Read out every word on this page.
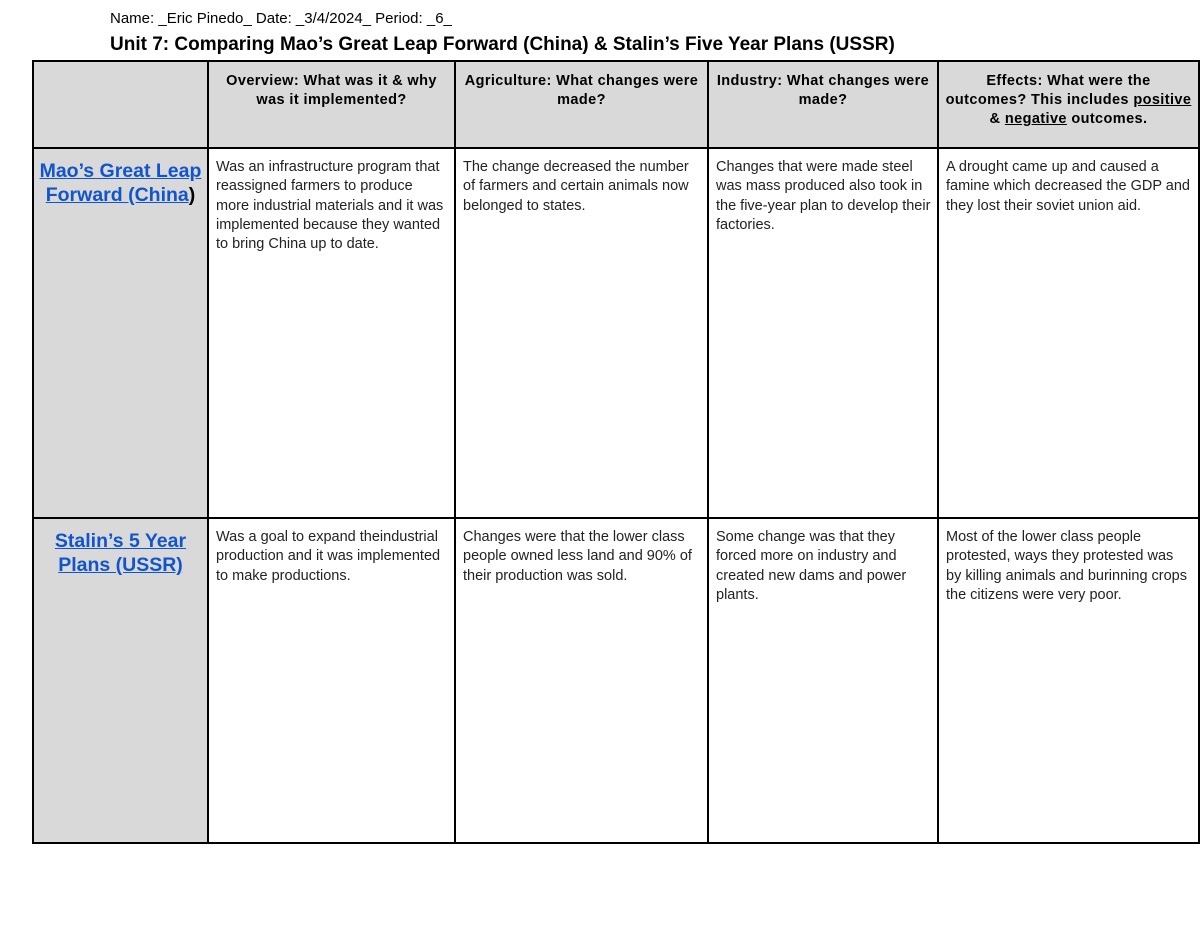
Name: _Eric Pinedo_ Date: _3/4/2024_ Period: _6_
Unit 7: Comparing Mao’s Great Leap Forward (China) & Stalin’s Five Year Plans (USSR)
	Overview: What was it & why was it implemented?	Agriculture: What changes were made?	Industry: What changes were made?	Effects: What were the outcomes? This includes positive & negative outcomes.
Mao’s Great Leap Forward (China)	Was an infrastructure program that reassigned farmers to produce more industrial materials and it was implemented because they wanted to bring China up to date.	The change decreased the number of farmers and certain animals now belonged to states.	Changes that were made steel was mass produced also took in the five-year plan to develop their factories.	A drought came up and caused a famine which decreased the GDP and they lost their soviet union aid.
Stalin’s 5 Year Plans (USSR)	Was a goal to expand theindustrial production and it was implemented to make productions.	Changes were that the lower class people owned less land and 90% of their production was sold.	Some change was that they forced more on industry and created new dams and power plants.	Most of the lower class people protested, ways they protested was by killing animals and burinning crops the citizens were very poor.
